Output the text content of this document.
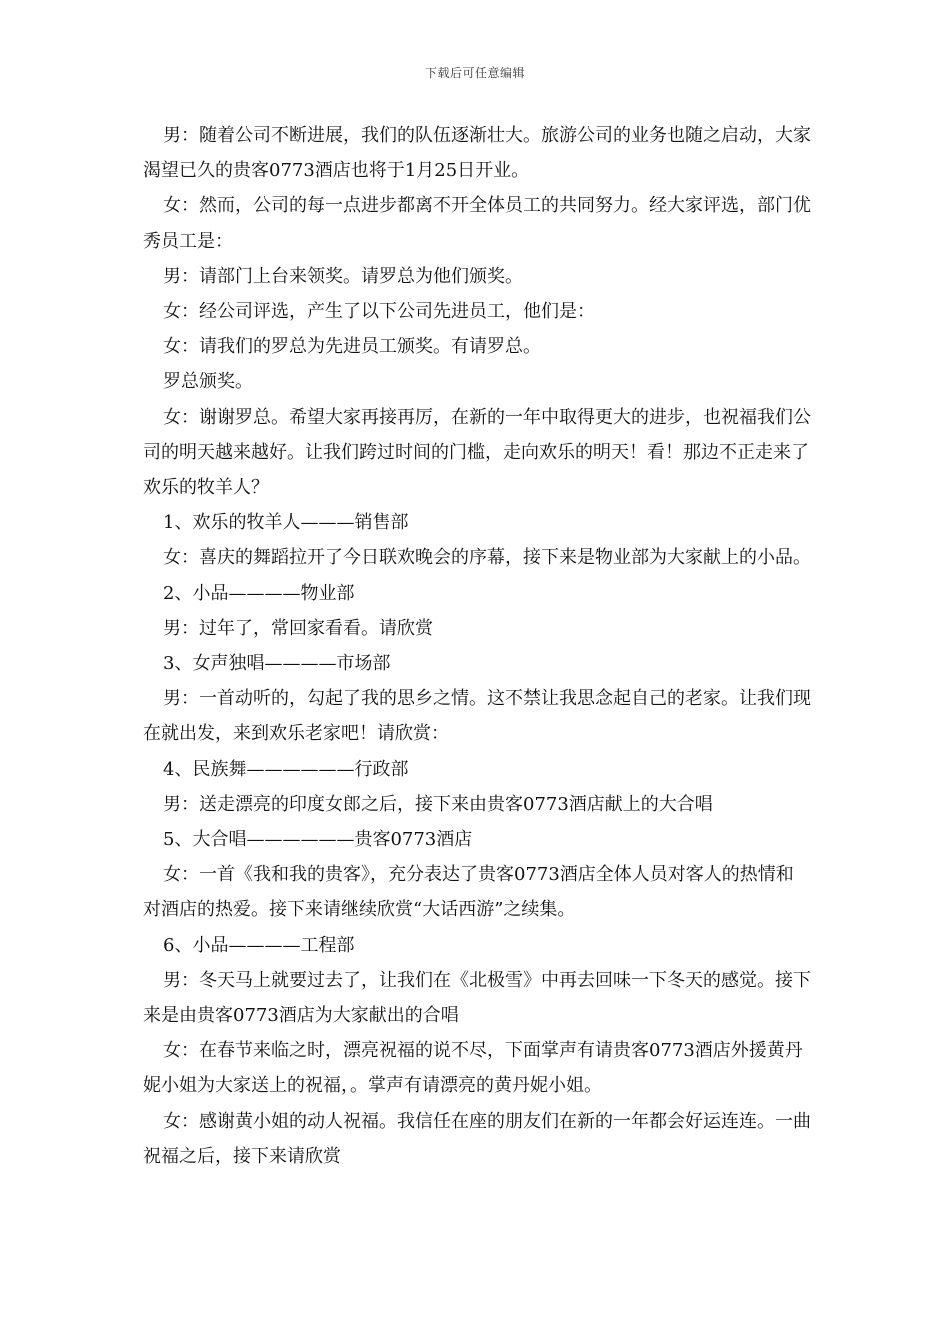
下载后可任意编辑

男：随着公司不断进展，我们的队伍逐渐壮大。旅游公司的业务也随之启动，大家渴望已久的贵客0773酒店也将于1月25日开业。

女：然而，公司的每一点进步都离不开全体员工的共同努力。经大家评选，部门优秀员工是：

男：请部门上台来领奖。请罗总为他们颁奖。

女：经公司评选，产生了以下公司先进员工，他们是：

女：请我们的罗总为先进员工颁奖。有请罗总。

罗总颁奖。

女：谢谢罗总。希望大家再接再厉，在新的一年中取得更大的进步，也祝福我们公司的明天越来越好。让我们跨过时间的门槛，走向欢乐的明天！看！那边不正走来了欢乐的牧羊人？

1、欢乐的牧羊人———销售部

女：喜庆的舞蹈拉开了今日联欢晚会的序幕，接下来是物业部为大家献上的小品。

2、小品————物业部

男：过年了，常回家看看。请欣赏

3、女声独唱————市场部

男：一首动听的，勾起了我的思乡之情。这不禁让我思念起自己的老家。让我们现在就出发，来到欢乐老家吧！请欣赏：

4、民族舞——————行政部

男：送走漂亮的印度女郎之后，接下来由贵客0773酒店献上的大合唱

5、大合唱——————贵客0773酒店

女：一首《我和我的贵客》，充分表达了贵客0773酒店全体人员对客人的热情和对酒店的热爱。接下来请继续欣赏“大话西游”之续集。

6、小品————工程部

男：冬天马上就要过去了，让我们在《北极雪》中再去回味一下冬天的感觉。接下来是由贵客0773酒店为大家献出的合唱

女：在春节来临之时，漂亮祝福的说不尽，下面掌声有请贵客0773酒店外援黄丹妮小姐为大家送上的祝福，。掌声有请漂亮的黄丹妮小姐。

女：感谢黄小姐的动人祝福。我信任在座的朋友们在新的一年都会好运连连。一曲祝福之后，接下来请欣赏
